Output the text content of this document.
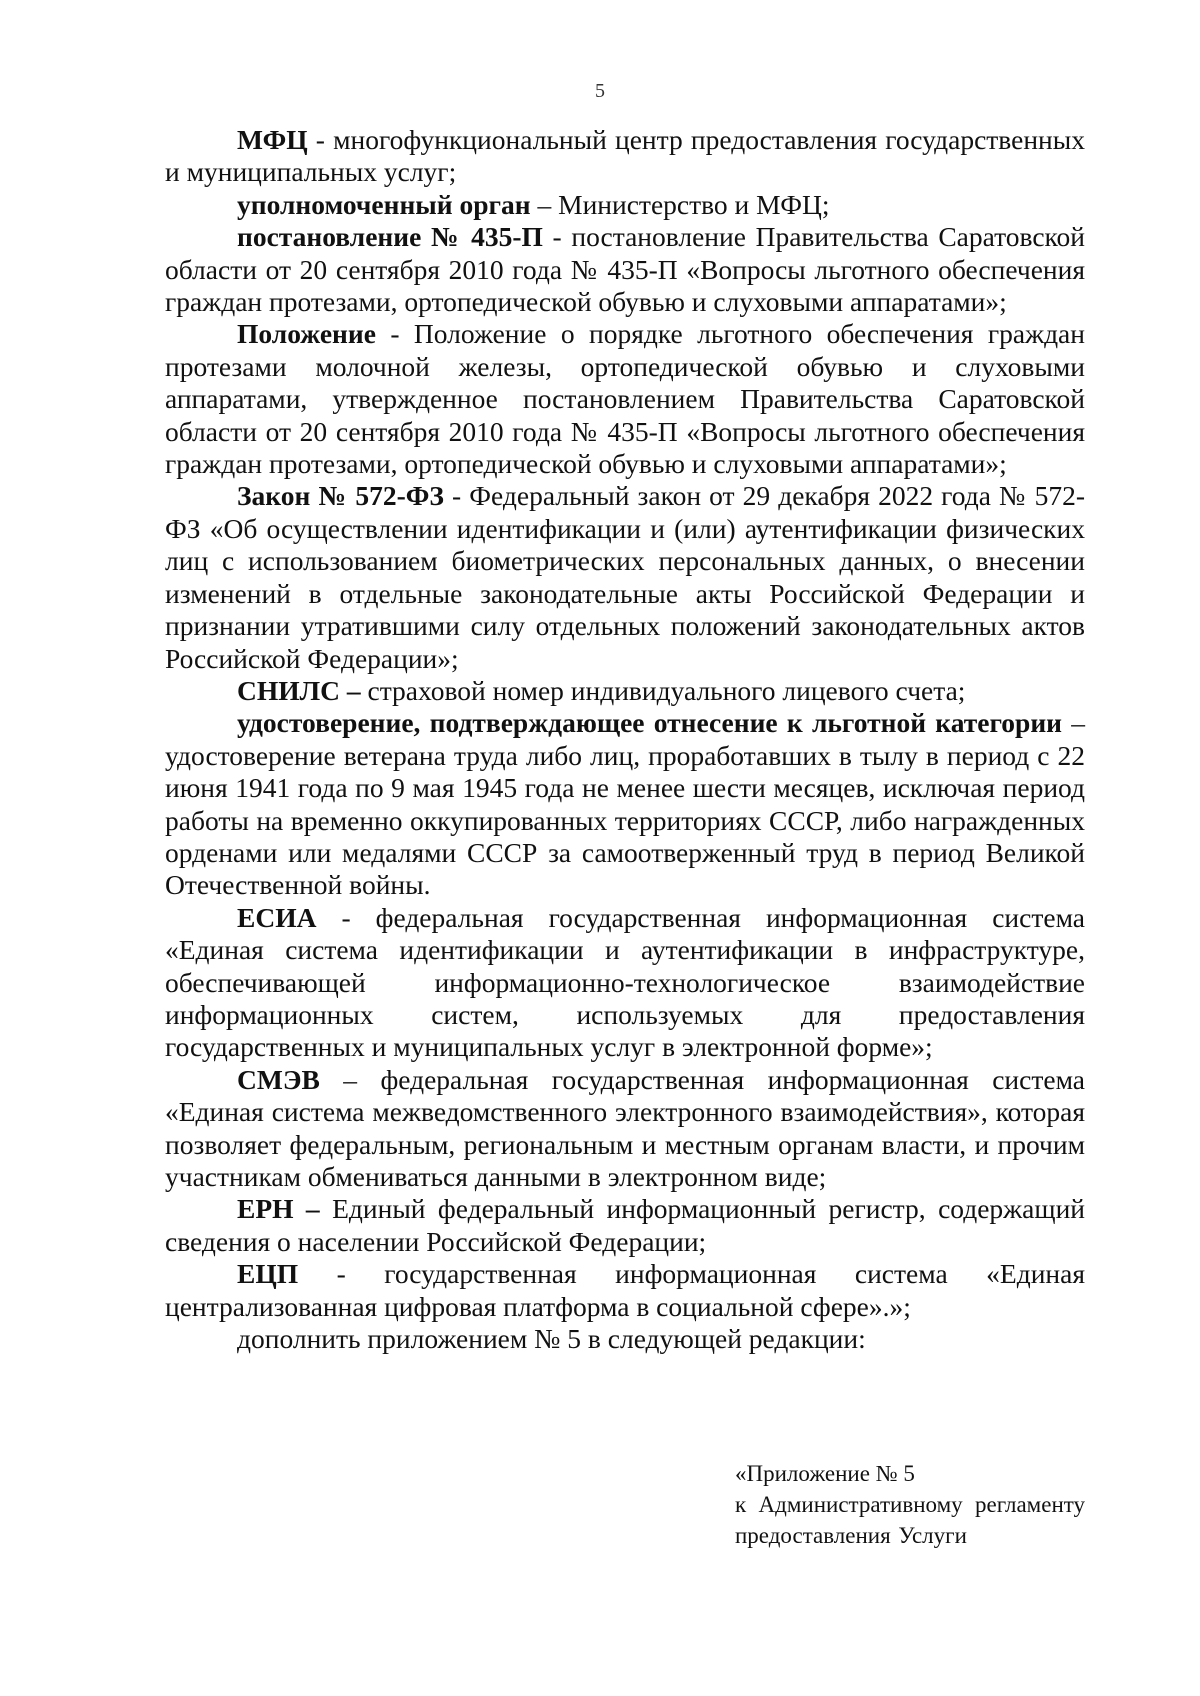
5

МФЦ - многофункциональный центр предоставления государственных и муниципальных услуг;

уполномоченный орган – Министерство и МФЦ;

постановление № 435-П - постановление Правительства Саратовской области от 20 сентября 2010 года № 435-П «Вопросы льготного обеспечения граждан протезами, ортопедической обувью и слуховыми аппаратами»;

Положение - Положение о порядке льготного обеспечения граждан протезами молочной железы, ортопедической обувью и слуховыми аппаратами, утвержденное постановлением Правительства Саратовской области от 20 сентября 2010 года № 435-П «Вопросы льготного обеспечения граждан протезами, ортопедической обувью и слуховыми аппаратами»;

Закон № 572-ФЗ - Федеральный закон от 29 декабря 2022 года № 572-ФЗ «Об осуществлении идентификации и (или) аутентификации физических лиц с использованием биометрических персональных данных, о внесении изменений в отдельные законодательные акты Российской Федерации и признании утратившими силу отдельных положений законодательных актов Российской Федерации»;

СНИЛС – страховой номер индивидуального лицевого счета;

удостоверение, подтверждающее отнесение к льготной категории – удостоверение ветерана труда либо лиц, проработавших в тылу в период с 22 июня 1941 года по 9 мая 1945 года не менее шести месяцев, исключая период работы на временно оккупированных территориях СССР, либо награжденных орденами или медалями СССР за самоотверженный труд в период Великой Отечественной войны.

ЕСИА - федеральная государственная информационная система «Единая система идентификации и аутентификации в инфраструктуре, обеспечивающей информационно-технологическое взаимодействие информационных систем, используемых для предоставления государственных и муниципальных услуг в электронной форме»;

СМЭВ – федеральная государственная информационная система «Единая система межведомственного электронного взаимодействия», которая позволяет федеральным, региональным и местным органам власти, и прочим участникам обмениваться данными в электронном виде;

ЕРН – Единый федеральный информационный регистр, содержащий сведения о населении Российской Федерации;

ЕЦП - государственная информационная система «Единая централизованная цифровая платформа в социальной сфере».»;

дополнить приложением № 5 в следующей редакции:

«Приложение № 5

к Административному регламенту предоставления Услуги
